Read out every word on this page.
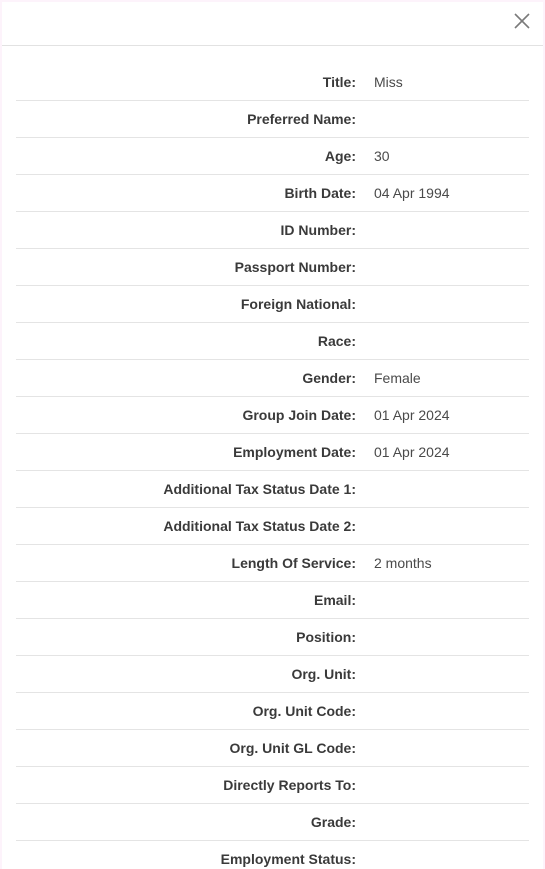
Title:	Miss
Preferred Name:
Age:	30
Birth Date:	04 Apr 1994
ID Number:
Passport Number:
Foreign National:
Race:
Gender:	Female
Group Join Date:	01 Apr 2024
Employment Date:	01 Apr 2024
Additional Tax Status Date 1:
Additional Tax Status Date 2:
Length Of Service:	2 months
Email:
Position:
Org. Unit:
Org. Unit Code:
Org. Unit GL Code:
Directly Reports To:
Grade:
Employment Status:
